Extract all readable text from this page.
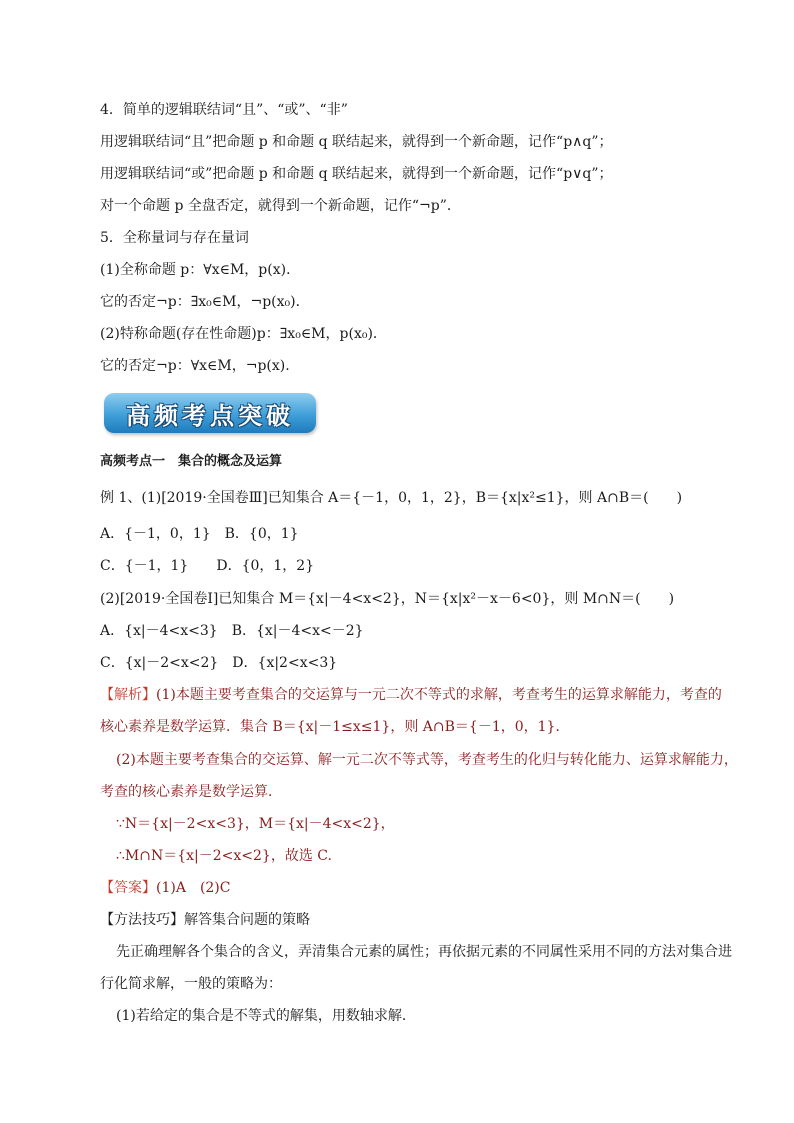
4．简单的逻辑联结词“且”、“或”、“非”
用逻辑联结词“且”把命题 p 和命题 q 联结起来，就得到一个新命题，记作“p∧q”；
用逻辑联结词“或”把命题 p 和命题 q 联结起来，就得到一个新命题，记作“p∨q”；
对一个命题 p 全盘否定，就得到一个新命题，记作“¬p”．
5．全称量词与存在量词
(1)全称命题 p：∀x∈M，p(x)．
它的否定¬p：∃x₀∈M，¬p(x₀)．
(2)特称命题(存在性命题)p：∃x₀∈M，p(x₀)．
它的否定¬p：∀x∈M，¬p(x).
高频考点突破
高频考点一　集合的概念及运算
例 1、(1)[2019·全国卷Ⅲ]已知集合 A＝{－1，0，1，2}，B＝{x|x²≤1}，则 A∩B＝(　　)
A．{－1，0，1}　B．{0，1}
C．{－1，1}　　D．{0，1，2}
(2)[2019·全国卷Ⅰ]已知集合 M＝{x|－4<x<2}，N＝{x|x²－x－6<0}，则 M∩N＝(　　)
A．{x|－4<x<3}　B．{x|－4<x<－2}
C．{x|－2<x<2}　D．{x|2<x<3}
【解析】(1)本题主要考查集合的交运算与一元二次不等式的求解，考查考生的运算求解能力，考查的
核心素养是数学运算．集合 B＝{x|－1≤x≤1}，则 A∩B＝{－1，0，1}．
(2)本题主要考查集合的交运算、解一元二次不等式等，考查考生的化归与转化能力、运算求解能力，
考查的核心素养是数学运算．
∵N＝{x|－2<x<3}，M＝{x|－4<x<2}，
∴M∩N＝{x|－2<x<2}，故选 C.
【答案】(1)A　(2)C
【方法技巧】解答集合问题的策略
先正确理解各个集合的含义，弄清集合元素的属性；再依据元素的不同属性采用不同的方法对集合进
行化简求解，一般的策略为：
(1)若给定的集合是不等式的解集，用数轴求解．
